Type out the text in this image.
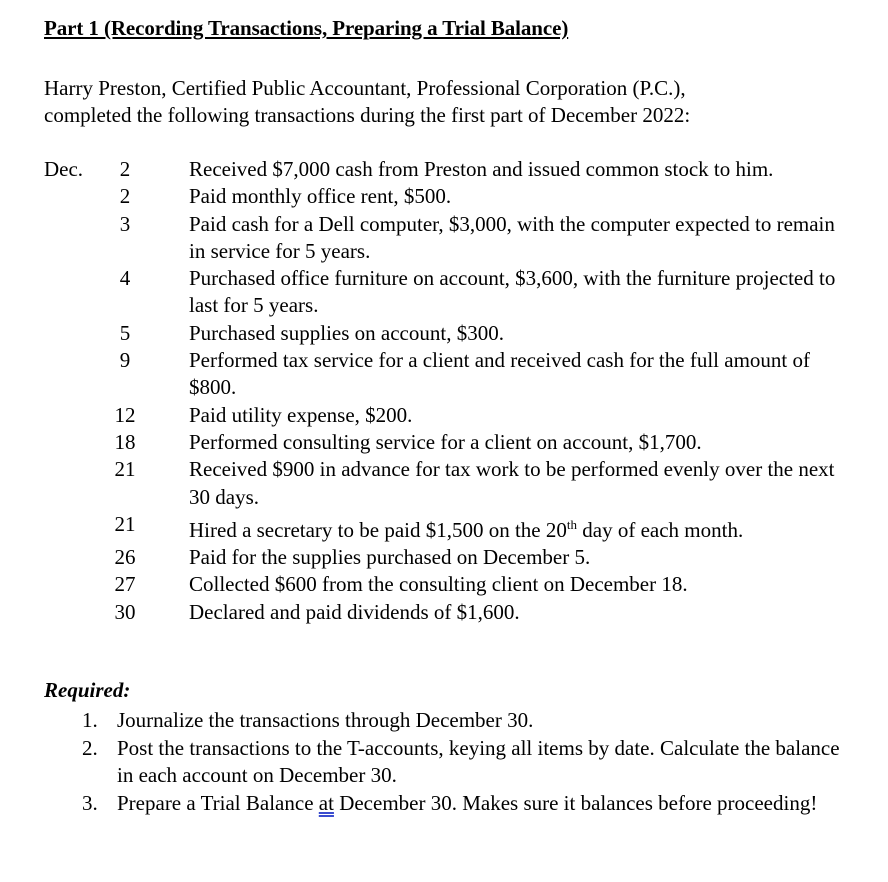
Part 1 (Recording Transactions, Preparing a Trial Balance)

Harry Preston, Certified Public Accountant, Professional Corporation (P.C.),
completed the following transactions during the first part of December 2022:

Dec. 2	Received $7,000 cash from Preston and issued common stock to him.
2	Paid monthly office rent, $500.
3	Paid cash for a Dell computer, $3,000, with the computer expected to remain in service for 5 years.
4	Purchased office furniture on account, $3,600, with the furniture projected to last for 5 years.
5	Purchased supplies on account, $300.
9	Performed tax service for a client and received cash for the full amount of $800.
12	Paid utility expense, $200.
18	Performed consulting service for a client on account, $1,700.
21	Received $900 in advance for tax work to be performed evenly over the next 30 days.
21	Hired a secretary to be paid $1,500 on the 20th day of each month.
26	Paid for the supplies purchased on December 5.
27	Collected $600 from the consulting client on December 18.
30	Declared and paid dividends of $1,600.
Required:
1. Journalize the transactions through December 30.
2. Post the transactions to the T-accounts, keying all items by date. Calculate the balance in each account on December 30.
3. Prepare a Trial Balance at December 30. Makes sure it balances before proceeding!
